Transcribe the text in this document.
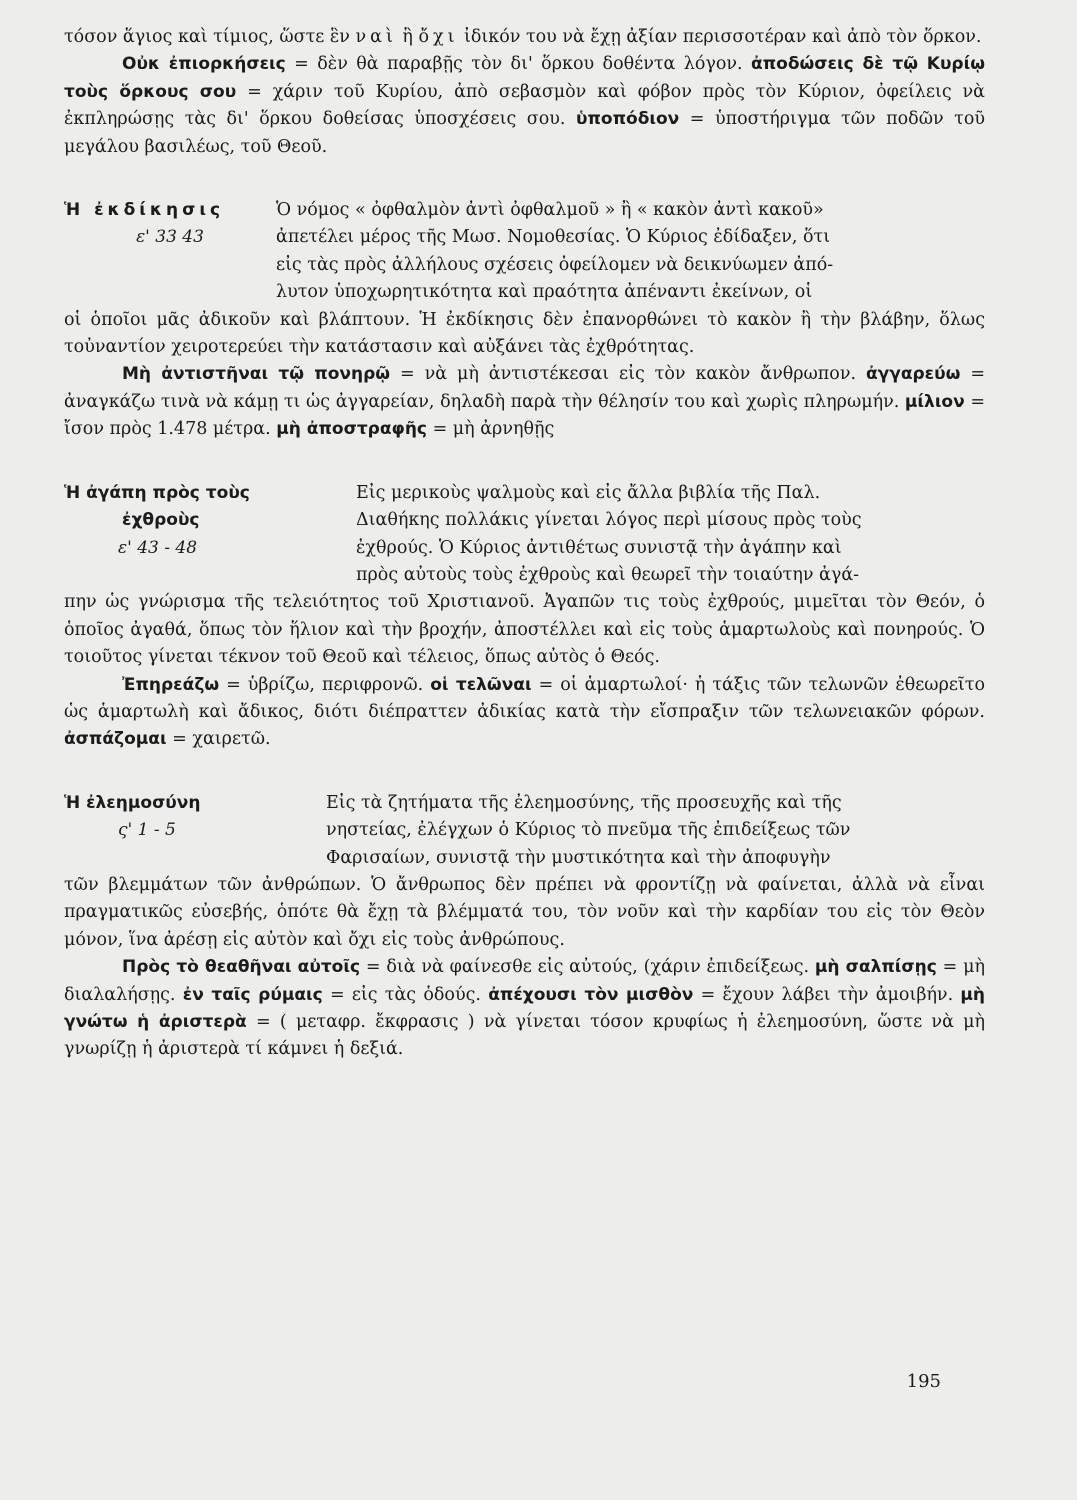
τόσον ἅγιος καὶ τίμιος, ὥστε ἓν ναὶ ἢ ὄχι ἰδικόν του νὰ ἔχῃ ἀξίαν περισσοτέραν καὶ ἀπὸ τὸν ὅρκον.

Οὐκ ἐπιορκήσεις = δὲν θὰ παραβῇς τὸν δι' ὅρκου δοθέντα λόγον. ἀποδώσεις δὲ τῷ Κυρίῳ τοὺς ὅρκους σου = χάριν τοῦ Κυρίου, ἀπὸ σεβασμὸν καὶ φόβον πρὸς τὸν Κύριον, ὀφείλεις νὰ ἐκπληρώσῃς τὰς δι' ὅρκου δοθείσας ὑποσχέσεις σου. ὑποπόδιον = ὑποστήριγμα τῶν ποδῶν τοῦ μεγάλου βασιλέως, τοῦ Θεοῦ.

Ἡ ἐκδίκησις
ε' 33 43

Ὁ νόμος « ὀφθαλμὸν ἀντὶ ὀφθαλμοῦ » ἢ « κακὸν ἀντὶ κακοῦ»

ἀπετέλει μέρος τῆς Μωσ. Νομοθεσίας. Ὁ Κύριος ἐδίδαξεν, ὅτι

εἰς τὰς πρὸς ἀλλήλους σχέσεις ὀφείλομεν νὰ δεικνύωμεν ἀπό-

λυτον ὑποχωρητικότητα καὶ πραότητα ἀπέναντι ἐκείνων, οἱ

οἱ ὁποῖοι μᾶς ἀδικοῦν καὶ βλάπτουν. Ἡ ἐκδίκησις δὲν ἐπανορθώνει τὸ κακὸν ἢ τὴν βλάβην, ὅλως τοὐναντίον χειροτερεύει τὴν κατάστασιν καὶ αὐξάνει τὰς ἐχθρότητας.

Μὴ ἀντιστῆναι τῷ πονηρῷ = νὰ μὴ ἀντιστέκεσαι εἰς τὸν κακὸν ἄνθρωπον. ἀγγαρεύω = ἀναγκάζω τινὰ νὰ κάμῃ τι ὡς ἀγγαρείαν, δηλαδὴ παρὰ τὴν θέλησίν του καὶ χωρὶς πληρωμήν. μίλιον = ἴσον πρὸς 1.478 μέτρα. μὴ ἀποστραφῆς = μὴ ἀρνηθῇς

Ἡ ἀγάπη πρὸς τοὺς
ἐχθροὺς
ε' 43 - 48

Εἰς μερικοὺς ψαλμοὺς καὶ εἰς ἄλλα βιβλία τῆς Παλ.

Διαθήκης πολλάκις γίνεται λόγος περὶ μίσους πρὸς τοὺς

ἐχθρούς. Ὁ Κύριος ἀντιθέτως συνιστᾷ τὴν ἀγάπην καὶ

πρὸς αὐτοὺς τοὺς ἐχθροὺς καὶ θεωρεῖ τὴν τοιαύτην ἀγά-

πην ὡς γνώρισμα τῆς τελειότητος τοῦ Χριστιανοῦ. Ἀγαπῶν τις τοὺς ἐχθρούς, μιμεῖται τὸν Θεόν, ὁ ὁποῖος ἀγαθά, ὅπως τὸν ἥλιον καὶ τὴν βροχήν, ἀποστέλλει καὶ εἰς τοὺς ἁμαρτωλοὺς καὶ πονηρούς. Ὁ τοιοῦτος γίνεται τέκνον τοῦ Θεοῦ καὶ τέλειος, ὅπως αὐτὸς ὁ Θεός.

Ἐπηρεάζω = ὑβρίζω, περιφρονῶ. οἱ τελῶναι = οἱ ἁμαρτωλοί· ἡ τάξις τῶν τελωνῶν ἐθεωρεῖτο ὡς ἁμαρτωλὴ καὶ ἄδικος, διότι διέπραττεν ἀδικίας κατὰ τὴν εἴσπραξιν τῶν τελωνειακῶν φόρων. ἀσπάζομαι = χαιρετῶ.

Ἡ ἐλεημοσύνη
ς' 1 - 5

Εἰς τὰ ζητήματα τῆς ἐλεημοσύνης, τῆς προσευχῆς καὶ τῆς

νηστείας, ἐλέγχων ὁ Κύριος τὸ πνεῦμα τῆς ἐπιδείξεως τῶν

Φαρισαίων, συνιστᾷ τὴν μυστικότητα καὶ τὴν ἀποφυγὴν

τῶν βλεμμάτων τῶν ἀνθρώπων. Ὁ ἄνθρωπος δὲν πρέπει νὰ φροντίζῃ νὰ φαίνεται, ἀλλὰ νὰ εἶναι πραγματικῶς εὐσεβής, ὁπότε θὰ ἔχῃ τὰ βλέμματά του, τὸν νοῦν καὶ τὴν καρδίαν του εἰς τὸν Θεὸν μόνον, ἵνα ἀρέσῃ εἰς αὐτὸν καὶ ὄχι εἰς τοὺς ἀνθρώπους.

Πρὸς τὸ θεαθῆναι αὐτοῖς = διὰ νὰ φαίνεσθε εἰς αὐτούς, (χάριν ἐπιδείξεως. μὴ σαλπίσῃς = μὴ διαλαλήσῃς. ἐν ταῖς ρύμαις = εἰς τὰς ὁδούς. ἀπέχουσι τὸν μισθὸν = ἔχουν λάβει τὴν ἀμοιβήν. μὴ γνώτω ἡ ἀριστερὰ = ( μεταφρ. ἔκφρασις ) νὰ γίνεται τόσον κρυφίως ἡ ἐλεημοσύνη, ὥστε νὰ μὴ γνωρίζῃ ἡ ἀριστερὰ τί κάμνει ἡ δεξιά.

195
